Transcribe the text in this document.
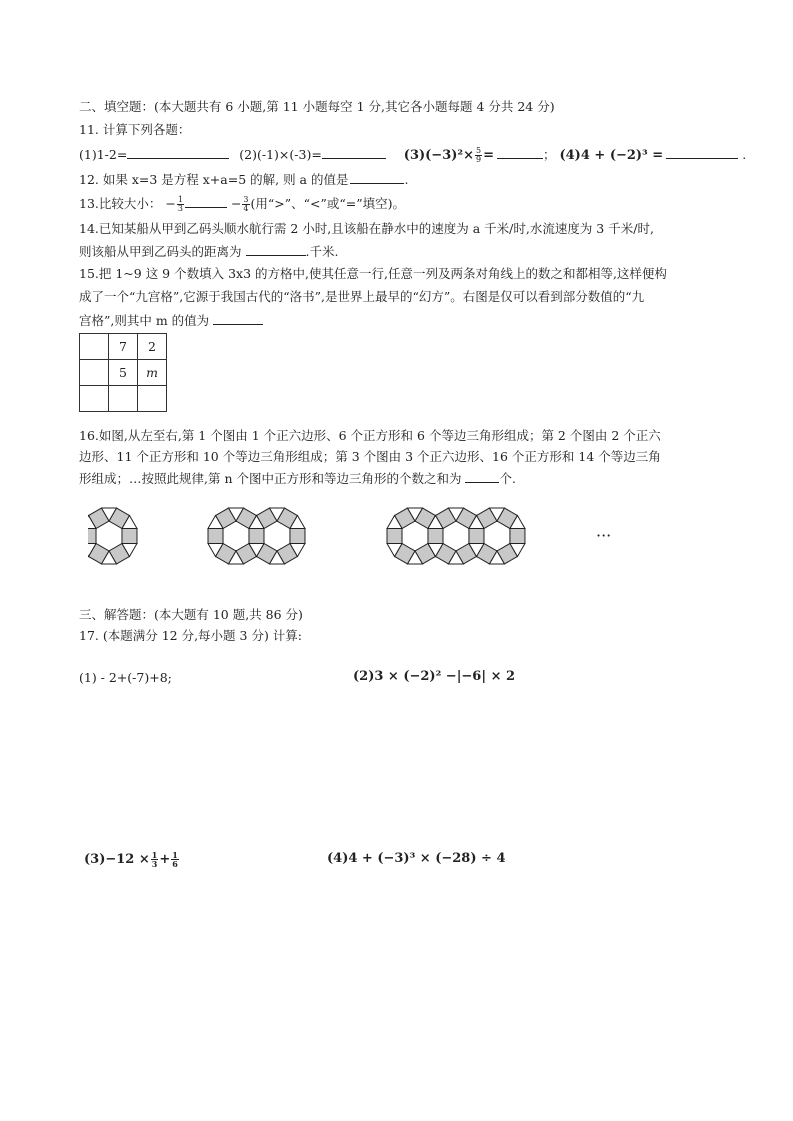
二、填空题：(本大题共有 6 小题,第 11 小题每空 1 分,其它各小题每题 4 分共 24 分)
11. 计算下列各题：
(1)1-2=	(2)(-1)×(-3)=	$(3)(-3)^2\times \frac{5}{9}$ =	； (4)4 + (−2)³ =	.
12. 如果 x=3 是方程 x+a=5 的解, 则 a 的值是	.
13.比较大小： − $\frac{1}{3}$	− $\frac{3}{4}$ (用“>”、“<”或“=”填空)。
14.已知某船从甲到乙码头顺水航行需 2 小时,且该船在静水中的速度为 a 千米/时,水流速度为 3 千米/时,
则该船从甲到乙码头的距离为	.千米.
15.把 1~9 这 9 个数填入 3x3 的方格中,使其任意一行,任意一列及两条对角线上的数之和都相等,这样便构
成了一个“九宫格”,它源于我国古代的“洛书”,是世界上最早的“幻方”。右图是仅可以看到部分数值的“九
宫格”,则其中 m 的值为
	7	2
	5	m

16.如图,从左至右,第 1 个图由 1 个正六边形、6 个正方形和 6 个等边三角形组成；第 2 个图由 2 个正六
边形、11 个正方形和 10 个等边三角形组成；第 3 个图由 3 个正六边形、16 个正方形和 14 个等边三角
形组成；…按照此规律,第 n 个图中正方形和等边三角形的个数之和为	个.
···
三、解答题：(本大题有 10 题,共 86 分)
17. (本题满分 12 分,每小题 3 分) 计算:
(1) - 2+(-7)+8;	(2)3 × (−2)² −|−6| × 2
$(3)-12 \times \frac{1}{3} + \frac{1}{6}$	(4)4 + (−3)³ × (−28) ÷ 4
